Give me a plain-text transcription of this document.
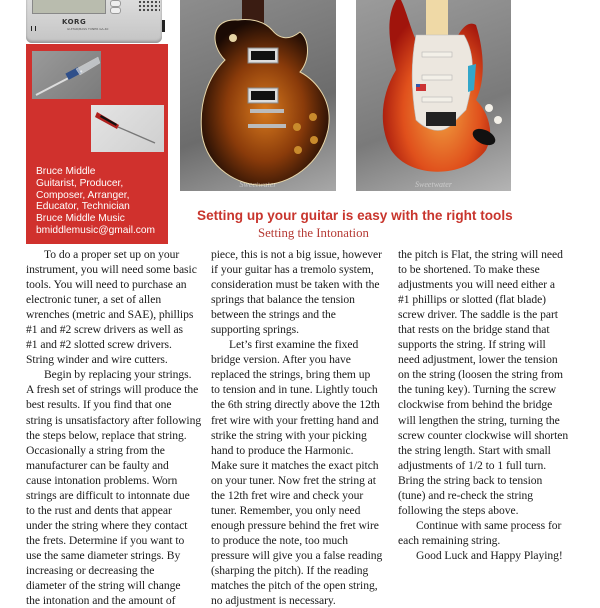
KORG
GUITAR/BASS TUNER GA-40
Bruce Middle
Guitarist, Producer,
Composer, Arranger,
Educator, Technician
Bruce Middle Music
bmiddlemusic@gmail.com
Sweetwater	Sweetwater
Setting up your guitar is easy with the right tools
Setting the Intonation
To do a proper set up on your
instrument, you will need some basic
tools. You will need to purchase an
electronic tuner, a set of allen
wrenches (metric and SAE), phillips
#1 and #2 screw drivers as well as
#1 and #2 slotted screw drivers.
String winder and wire cutters.
Begin by replacing your strings.
A fresh set of strings will produce the
best results. If you find that one
string is unsatisfactory after following
the steps below, replace that string.
Occasionally a string from the
manufacturer can be faulty and
cause intonation problems. Worn
strings are difficult to intonnate due
to the rust and dents that appear
under the string where they contact
the frets. Determine if you want to
use the same diameter strings. By
increasing or decreasing the
diameter of the string will change
the intonation and the amount of
piece, this is not a big issue, however
if your guitar has a tremolo system,
consideration must be taken with the
springs that balance the tension
between the strings and the
supporting springs.
Let’s first examine the fixed
bridge version. After you have
replaced the strings, bring them up
to tension and in tune. Lightly touch
the 6th string directly above the 12th
fret wire with your fretting hand and
strike the string with your picking
hand to produce the Harmonic.
Make sure it matches the exact pitch
on your tuner. Now fret the string at
the 12th fret wire and check your
tuner. Remember, you only need
enough pressure behind the fret wire
to produce the note, too much
pressure will give you a false reading
(sharping the pitch). If the reading
matches the pitch of the open string,
no adjustment is necessary.
the pitch is Flat, the string will need
to be shortened. To make these
adjustments you will need either a
#1 phillips or slotted (flat blade)
screw driver. The saddle is the part
that rests on the bridge stand that
supports the string. If string will
need adjustment, lower the tension
on the string (loosen the string from
the tuning key). Turning the screw
clockwise from behind the bridge
will lengthen the string, turning the
screw counter clockwise will shorten
the string length. Start with small
adjustments of 1/2 to 1 full turn.
Bring the string back to tension
(tune) and re-check the string
following the steps above.
Continue with same process for
each remaining string.
Good Luck and Happy Playing!
